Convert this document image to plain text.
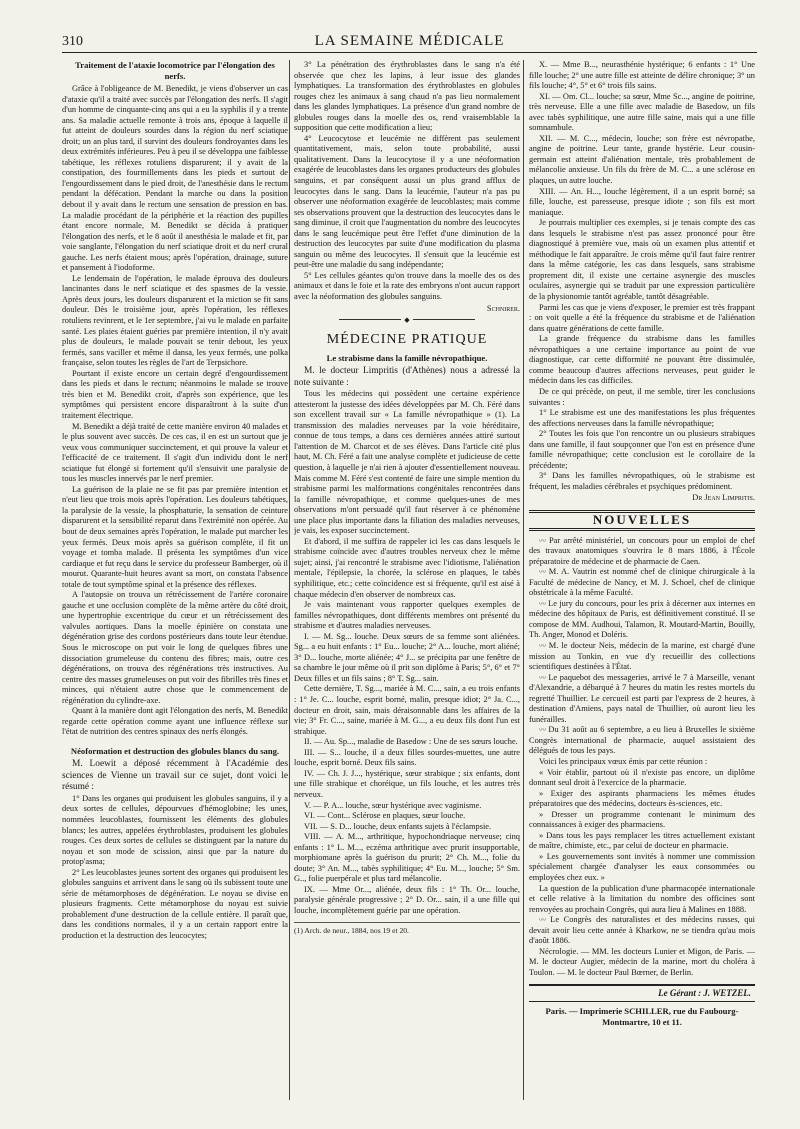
310	LA SEMAINE MÉDICALE
Traitement de l'ataxie locomotrice par l'élongation des nerfs.

Grâce à l'obligeance de M. Benedikt, je viens d'observer un cas d'ataxie qu'il a traité avec succès par l'élongation des nerfs. Il s'agit d'un homme de cinquante-cinq ans qui a eu la syphilis il y a trente ans. Sa maladie actuelle remonte à trois ans, époque à laquelle il fut atteint de douleurs sourdes dans la région du nerf sciatique droit; un an plus tard, il survint des douleurs fondroyantes dans les deux extrémités inférieures. Peu à peu il se développa une faiblesse tabétique, les réflexes rotuliens disparurent; il y avait de la constipation, des fourmillements dans les pieds et surtout de l'engourdissement dans le pied droit, de l'anesthésie dans le rectum pendant la défécation. Pendant la marche ou dans la position debout il y avait dans le rectum une sensation de pression en bas. La maladie procédant de la périphérie et la réaction des pupilles étant encore normale, M. Benedikt se décida à pratiquer l'élongation des nerfs, et le 8 août il anesthésia le malade et fit, par voie sanglante, l'élongation du nerf sciatique droit et du nerf crural gauche. Les nerfs étaient mous; après l'opération, drainage, suture et pansement à l'iodoforme.

Le lendemain de l'opération, le malade éprouva des douleurs lancinantes dans le nerf sciatique et des spasmes de la vessie. Après deux jours, les douleurs disparurent et la miction se fit sans douleur. Dès le troisième jour, après l'opération, les réflexes rotuliens revinrent, et le 1er septembre, j'ai vu le malade en parfaite santé. Les plaies étaient guéries par première intention, il n'y avait plus de douleurs, le malade pouvait se tenir debout, les yeux fermés, sans vaciller et même il dansa, les yeux fermés, une polka française, selon toutes les règles de l'art de Terpsichore.

Pourtant il existe encore un certain degré d'engourdissement dans les pieds et dans le rectum; néanmoins le malade se trouve très bien et M. Benedikt croit, d'après son expérience, que les symptômes qui persistent encore disparaîtront à la suite d'un traitement électrique.

M. Benedikt a déjà traité de cette manière environ 40 malades et le plus souvent avec succès. De ces cas, il en est un surtout que je veux vous communiquer succinctement, et qui prouve la valeur et l'efficacité de ce traitement. Il s'agit d'un individu dont le nerf sciatique fut élongé si fortement qu'il s'ensuivit une paralysie de tous les muscles innervés par le nerf premier.

La guérison de la plaie ne se fit pas par première intention et n'eut lieu que trois mois après l'opération. Les douleurs tabétiques, la paralysie de la vessie, la phosphaturie, la sensation de ceinture disparurent et la sensibilité reparut dans l'extrémité non opérée. Au bout de deux semaines après l'opération, le malade put marcher les yeux fermés. Deux mois après sa guérison complète, il fit un voyage et tomba malade. Il présenta les symptômes d'un vice cardiaque et fut reçu dans le service du professeur Bamberger, où il mourut. Quarante-huit heures avant sa mort, on constata l'absence totale de tout symptôme spinal et la présence des réflexes.

A l'autopsie on trouva un rétrécissement de l'artère coronaire gauche et une occlusion complète de la même artère du côté droit, une hypertrophie excentrique du cœur et un rétrécissement des valvules aortiques. Dans la moelle épinière on constata une dégénération grise des cordons postérieurs dans toute leur étendue. Sous le microscope on put voir le long de quelques fibres une dissociation grumeleuse du contenu des fibres; mais, outre ces dégénérations, on trouva des régénérations très instructives. Au centre des masses grumeleuses on put voir des fibrilles très fines et minces, qui n'étaient autre chose que le commencement de régénération du cylindre-axe.

Quant à la manière dont agit l'élongation des nerfs, M. Benedikt regarde cette opération comme ayant une influence réflexe sur l'état de nutrition des centres spinaux des nerfs élongés.

Néoformation et destruction des globules blancs du sang.

M. Loewit a déposé récemment à l'Académie des sciences de Vienne un travail sur ce sujet, dont voici le résumé :

1° Dans les organes qui produisent les globules sanguins, il y a deux sortes de cellules, dépourvues d'hémoglobine; les unes, nommées leucoblastes, fournissent les éléments des globules blancs; les autres, appelées érythroblastes, produisent les globules rouges. Ces deux sortes de cellules se distinguent par la nature du noyau et son mode de scission, ainsi que par la nature du protop'asma;

2° Les leucoblastes jeunes sortent des organes qui produisent les globules sanguins et arrivent dans le sang où ils subissent toute une série de métamorphoses de dégénération. Le noyau se divise en plusieurs fragments. Cette métamorphose du noyau est suivie probablement d'une destruction de la cellule entière. Il paraît que, dans les conditions normales, il y a un certain rapport entre la production et la destruction des leucocytes;

3° La pénétration des érythroblastes dans le sang n'a été observée que chez les lapins, à leur issue des glandes lymphatiques. La transformation des érythroblastes en globules rouges chez les animaux à sang chaud n'a pas lieu normalement dans les glandes lymphatiques. La présence d'un grand nombre de globules rouges dans la moelle des os, rend vraisemblable la supposition que cette modification a lieu;

4° Leucocytose et leucémie ne diffèrent pas seulement quantitativement, mais, selon toute probabilité, aussi qualitativement. Dans la leucocytose il y a une néoformation exagérée de leucoblastes dans les organes producteurs des globules sanguins, et par conséquent aussi un plus grand afflux de leucocytes dans le sang. Dans la leucémie, l'auteur n'a pas pu observer une néoformation exagérée de leucoblastes; mais comme ses observations prouvent que la destruction des leucocytes dans le sang diminue, il croit que l'augmentation du nombre des leucocytes dans le sang leucémique peut être l'effet d'une diminution de la destruction des leucocytes par suite d'une modification du plasma sanguin ou même des leucocytes. Il s'ensuit que la leucémie est peut-être une maladie du sang indépendante;

5° Les cellules géantes qu'on trouve dans la moelle des os des animaux et dans le foie et la rate des embryons n'ont aucun rapport avec la néoformation des globules sanguins.

Schnirer.
◆
MÉDECINE PRATIQUE
Le strabisme dans la famille névropathique.

M. le docteur Limpritis (d'Athènes) nous a adressé la note suivante :

Tous les médecins qui possèdent une certaine expérience attesteront la justesse des idées développées par M. Ch. Féré dans son excellent travail sur « La famille névropathique » (1). La transmission des maladies nerveuses par la voie héréditaire, connue de tous temps, a dans ces dernières années attiré surtout l'attention de M. Charcot et de ses élèves. Dans l'article cité plus haut, M. Ch. Féré a fait une analyse complète et judicieuse de cette question, à laquelle je n'ai rien à ajouter d'essentiellement nouveau. Mais comme M. Féré s'est contenté de faire une simple mention du strabisme parmi les malformations congénitales rencontrées dans la famille névropathique, et comme quelques-unes de mes observations m'ont persuadé qu'il faut réserver à ce phénomène une place plus importante dans la filiation des maladies nerveuses, je vais, les exposer succinctement.

Et d'abord, il me suffira de rappeler ici les cas dans lesquels le strabisme coïncide avec d'autres troubles nerveux chez le même sujet; ainsi, j'ai rencontré le strabisme avec l'idiotisme, l'aliénation mentale, l'épilepsie, la chorée, la sclérose en plaques, le tabès syphilitique, etc.; cette coïncidence est si fréquente, qu'il est aisé à chaque médecin d'en observer de nombreux cas.

Je vais maintenant vous rapporter quelques exemples de familles névropathiques, dont différents membres ont présenté du strabisme et d'autres maladies nerveuses.

I. — M. Sg... louche. Deux sœurs de sa femme sont aliénées. Sg... a eu huit enfants : 1° Eu... louche; 2° A... louche, mort aliéné; 3° D... louche, morte aliénée; 4° J... se précipita par une fenêtre de sa chambre le jour même où il prit son diplôme à Paris; 5°, 6° et 7° Deux filles et un fils sains ; 8° T. Sg... sain.

Cette dernière, T. Sg..., mariée à M. C..., sain, a eu trois enfants : 1° Je. C... louche, esprit borné, malin, presque idiot; 2° Ja. C..., docteur en droit, sain, mais déraisonnable dans les affaires de la vie; 3° Fr. C..., saine, mariée à M. G..., a eu deux fils dont l'un est strabique.

II. — Au. Sp..., maladie de Basedow : Une de ses sœurs louche.

III. — S... louche, il a deux filles sourdes-muettes, une autre louche, esprit borné. Deux fils sains.

IV. — Ch. J. J..., hystérique, sœur strabique ; six enfants, dont une fille strabique et choréique, un fils louche, et les autres très nerveux.

V. — P. A... louche, sœur hystérique avec vaginisme.

VI. — Cont... Sclérose en plaques, sœur louche.

VII. — S. D... louche, deux enfants sujets à l'éclampsie.

VIII. — A. M..., arthritique, hypochondriaque nerveuse; cinq enfants : 1° L. M..., eczéma arthritique avec prurit insupportable, morphiomane après la guérison du prurit; 2° Ch. M..., folie du doute; 3° An. M..., tabès syphilitique; 4° Eu. M..., louche; 5° Sm. G.., folie puerpérale et plus tard mélancolie.

IX. — Mme Or..., aliénée, deux fils : 1° Th. Or... louche, paralysie générale progressive ; 2° D. Or... sain, il a une fille qui louche, incomplètement guérie par une opération.

(1) Arch. de neur., 1884, nos 19 et 20.

X. — Mme B..., neurasthénie hystérique; 6 enfants : 1° Une fille louche; 2° une autre fille est atteinte de délire chronique; 3° un fils louche; 4°, 5° et 6° trois fils sains.

XI. — Om. Cl... louche; sa sœur, Mme Sc..., angine de poitrine, très nerveuse. Elle a une fille avec maladie de Basedow, un fils avec tabès syphilitique, une autre fille saine, mais qui a une fille somnambule.

XII. — M. C..., médecin, louche; son frère est névropathe, angine de poitrine. Leur tante, grande hystérie. Leur cousin-germain est atteint d'aliénation mentale, très probablement de mélancolie anxieuse. Un fils du frère de M. C... a une sclérose en plaques, un autre louche.

XIII. — An. H..., louche légèrement, il a un esprit borné; sa fille, louche, est paresseuse, presque idiote ; son fils est mort maniaque.

Je pourrais multiplier ces exemples, si je tenais compte des cas dans lesquels le strabisme n'est pas assez prononcé pour être diagnostiqué à première vue, mais où un examen plus attentif et méthodique le fait apparaître. Je crois même qu'il faut faire rentrer dans la même catégorie, les cas dans lesquels, sans strabisme proprement dit, il existe une certaine asynergie des muscles oculaires, asynergie qui se traduit par une expression particulière de la physionomie tantôt agréable, tantôt désagréable.

Parmi les cas que je viens d'exposer, le premier est très frappant : on voit quelle a été la fréquence du strabisme et de l'aliénation dans quatre générations de cette famille.

La grande fréquence du strabisme dans les familles névropathiques a une certaine importance au point de vue diagnostique, car cette difformité ne pouvant être dissimulée, comme beaucoup d'autres affections nerveuses, peut guider le médecin dans les cas difficiles.

De ce qui précède, on peut, il me semble, tirer les conclusions suivantes :

1° Le strabisme est une des manifestations les plus fréquentes des affections nerveuses dans la famille névropathique;

2° Toutes les fois que l'on rencontre un ou plusieurs strabiques dans une famille, il faut soupçonner que l'on est en présence d'une famille névropathique; cette conclusion est le corollaire de la précédente;

3° Dans les familles névropathiques, où le strabisme est fréquent, les maladies cérébrales et psychiques prédominent.

Dr Jean Limpritis.
NOUVELLES

〰 Par arrêté ministériel, un concours pour un emploi de chef des travaux anatomiques s'ouvrira le 8 mars 1886, à l'École préparatoire de médecine et de pharmacie de Caen.

〰 M. A. Vautrin est nommé chef de clinique chirurgicale à la Faculté de médecine de Nancy, et M. J. Schoel, chef de clinique obstétricale à la même Faculté.

〰 Le jury du concours, pour les prix à décerner aux internes en médecine des hôpitaux de Paris, est définitivement constitué. Il se compose de MM. Audhoui, Talamon, R. Moutard-Martin, Bouilly, Th. Anger, Monod et Doléris.

〰 M. le docteur Neis, médecin de la marine, est chargé d'une mission au Tonkin, en vue d'y recueillir des collections scientifiques destinées à l'État.

〰 Le paquebot des messageries, arrivé le 7 à Marseille, venant d'Alexandrie, a débarqué à 7 heures du matin les restes mortels du regretté Thuillier. Le cercueil est parti par l'express de 2 heures, à destination d'Amiens, pays natal de Thuillier, où auront lieu les funérailles.

〰 Du 31 août au 6 septembre, a eu lieu à Bruxelles le sixième Congrès international de pharmacie, auquel assistaient des délégués de tous les pays.

Voici les principaux vœux émis par cette réunion :

« Voir établir, partout où il n'existe pas encore, un diplôme donnant seul droit à l'exercice de la pharmacie.

» Exiger des aspirants pharmaciens les mêmes études préparatoires que des médecins, docteurs ès-sciences, etc.

» Dresser un programme contenant le minimum des connaissances à exiger des pharmaciens.

» Dans tous les pays remplacer les titres actuellement existant de maître, chimiste, etc., par celui de docteur en pharmacie.

» Les gouvernements sont invités à nommer une commission spécialement chargée d'analyser les eaux consommées ou employées chez eux. »

La question de la publication d'une pharmacopée internationale et celle relative à la limitation du nombre des officines sont renvoyées au prochain Congrès, qui aura lieu à Malines en 1888.

〰 Le Congrès des naturalistes et des médecins russes, qui devait avoir lieu cette année à Kharkow, ne se tiendra qu'au mois d'août 1886.

Nécrologie. — MM. les docteurs Lunier et Migon, de Paris. — M. le docteur Augier, médecin de la marine, mort du choléra à Toulon. — M. le docteur Paul Bœrner, de Berlin.

Le Gérant : J. WETZEL.
Paris. — Imprimerie SCHILLER, rue du Faubourg-Montmartre, 10 et 11.
